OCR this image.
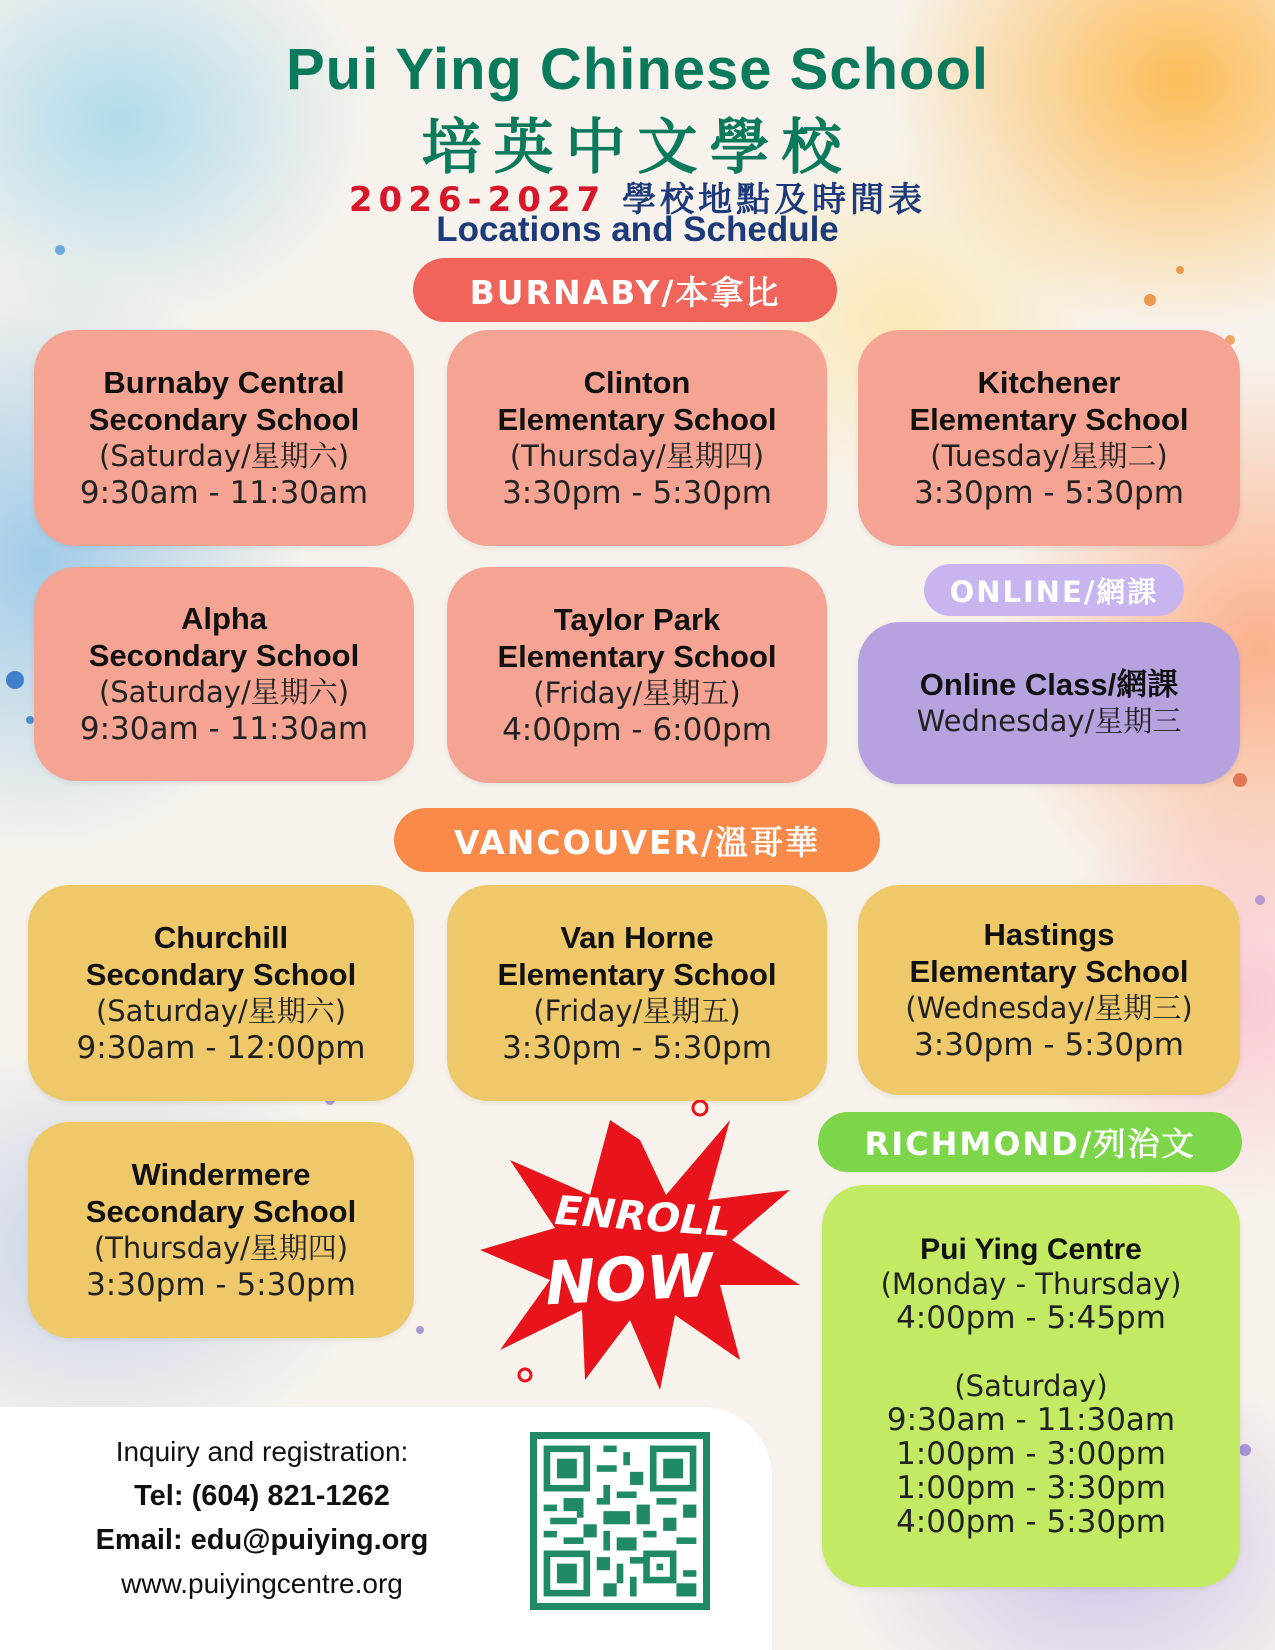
Pui Ying Chinese School
培英中文學校
2026-2027 學校地點及時間表
Locations and Schedule
BURNABY/本拿比
Burnaby Central
Secondary School
(Saturday/星期六)
9:30am - 11:30am
Clinton
Elementary School
(Thursday/星期四)
3:30pm - 5:30pm
Kitchener
Elementary School
(Tuesday/星期二)
3:30pm - 5:30pm
Alpha
Secondary School
(Saturday/星期六)
9:30am - 11:30am
Taylor Park
Elementary School
(Friday/星期五)
4:00pm - 6:00pm
ONLINE/網課
Online Class/網課
Wednesday/星期三
VANCOUVER/溫哥華
Churchill
Secondary School
(Saturday/星期六)
9:30am - 12:00pm
Van Horne
Elementary School
(Friday/星期五)
3:30pm - 5:30pm
Hastings
Elementary School
(Wednesday/星期三)
3:30pm - 5:30pm
Windermere
Secondary School
(Thursday/星期四)
3:30pm - 5:30pm
ENROLL
NOW
RICHMOND/列治文
Pui Ying Centre
(Monday - Thursday)
4:00pm - 5:45pm
(Saturday)
9:30am - 11:30am
1:00pm - 3:00pm
1:00pm - 3:30pm
4:00pm - 5:30pm
Inquiry and registration:
Tel: (604) 821-1262
Email: edu@puiying.org
www.puiyingcentre.org
